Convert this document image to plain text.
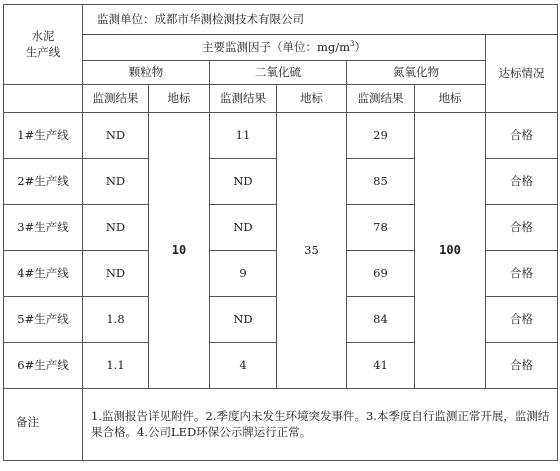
水泥
生产线	监测单位：成都市华测检测技术有限公司						
	主要监测因子（单位：$mg/m^3$）						达标情况
	颗粒物		二氧化硫		氮氧化物		
	监测结果	地标	监测结果	地标	监测结果	地标	
1#生产线	ND	10	11	35	29	100	合格
2#生产线	ND		ND		85		合格
3#生产线	ND		ND		78		合格
4#生产线	ND		9		69		合格
5#生产线	1.8		ND		84		合格
6#生产线	1.1		4		41		合格
备注	1.监测报告详见附件。2.季度内未发生环境突发事件。3.本季度自行监测正常开展，监测结果合格。4.公司LED环保公示牌运行正常。						
